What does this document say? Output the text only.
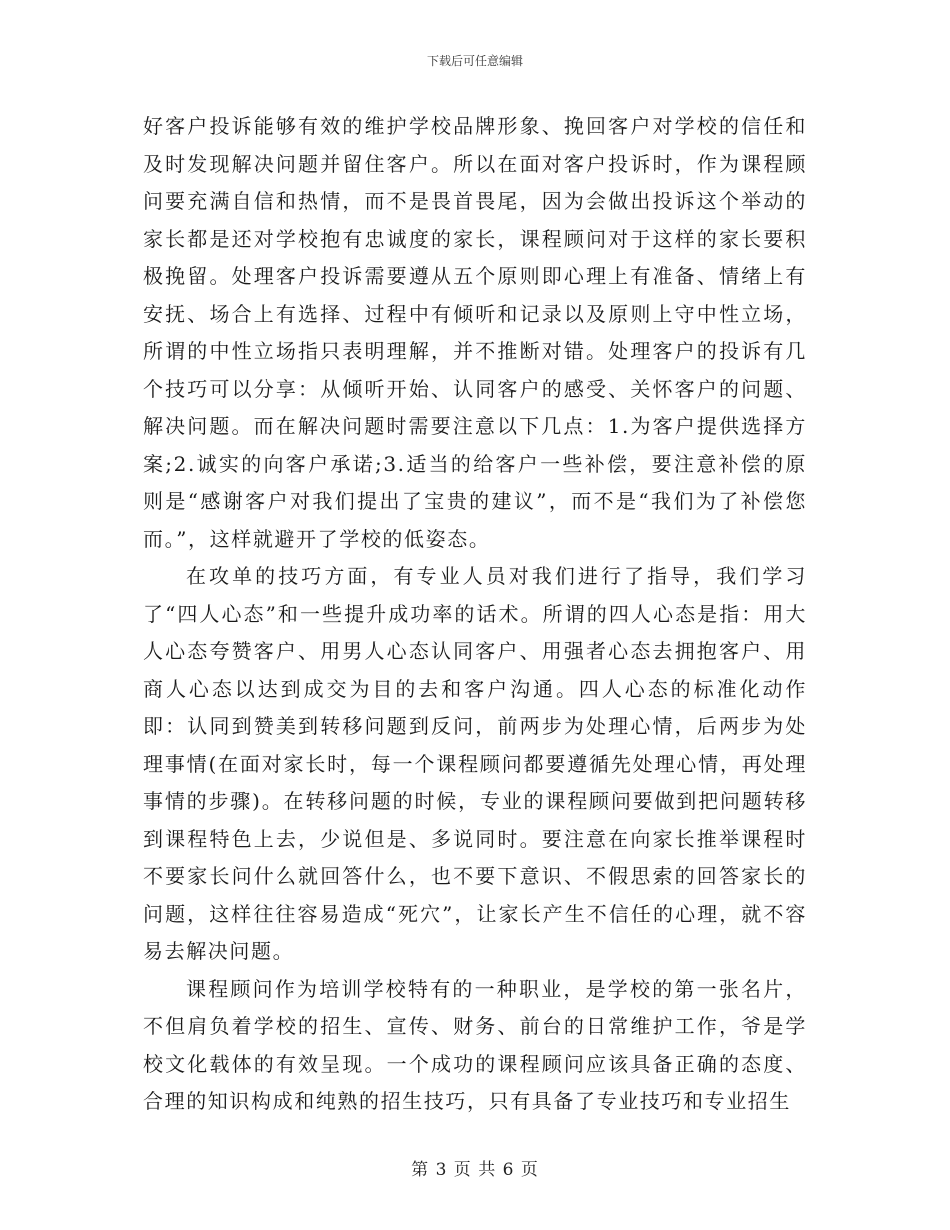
下载后可任意编辑

好客户投诉能够有效的维护学校品牌形象、挽回客户对学校的信任和及时发现解决问题并留住客户。所以在面对客户投诉时，作为课程顾问要充满自信和热情，而不是畏首畏尾，因为会做出投诉这个举动的家长都是还对学校抱有忠诚度的家长，课程顾问对于这样的家长要积极挽留。处理客户投诉需要遵从五个原则即心理上有准备、情绪上有安抚、场合上有选择、过程中有倾听和记录以及原则上守中性立场，所谓的中性立场指只表明理解，并不推断对错。处理客户的投诉有几个技巧可以分享：从倾听开始、认同客户的感受、关怀客户的问题、解决问题。而在解决问题时需要注意以下几点：1.为客户提供选择方案;2.诚实的向客户承诺;3.适当的给客户一些补偿，要注意补偿的原则是“感谢客户对我们提出了宝贵的建议”，而不是“我们为了补偿您而。”，这样就避开了学校的低姿态。

在攻单的技巧方面，有专业人员对我们进行了指导，我们学习了“四人心态”和一些提升成功率的话术。所谓的四人心态是指：用大人心态夸赞客户、用男人心态认同客户、用强者心态去拥抱客户、用商人心态以达到成交为目的去和客户沟通。四人心态的标准化动作即：认同到赞美到转移问题到反问，前两步为处理心情，后两步为处理事情(在面对家长时，每一个课程顾问都要遵循先处理心情，再处理事情的步骤)。在转移问题的时候，专业的课程顾问要做到把问题转移到课程特色上去，少说但是、多说同时。要注意在向家长推举课程时不要家长问什么就回答什么，也不要下意识、不假思索的回答家长的问题，这样往往容易造成“死穴”，让家长产生不信任的心理，就不容易去解决问题。

课程顾问作为培训学校特有的一种职业，是学校的第一张名片，不但肩负着学校的招生、宣传、财务、前台的日常维护工作，爷是学校文化载体的有效呈现。一个成功的课程顾问应该具备正确的态度、合理的知识构成和纯熟的招生技巧，只有具备了专业技巧和专业招生

第 3 页 共 6 页
